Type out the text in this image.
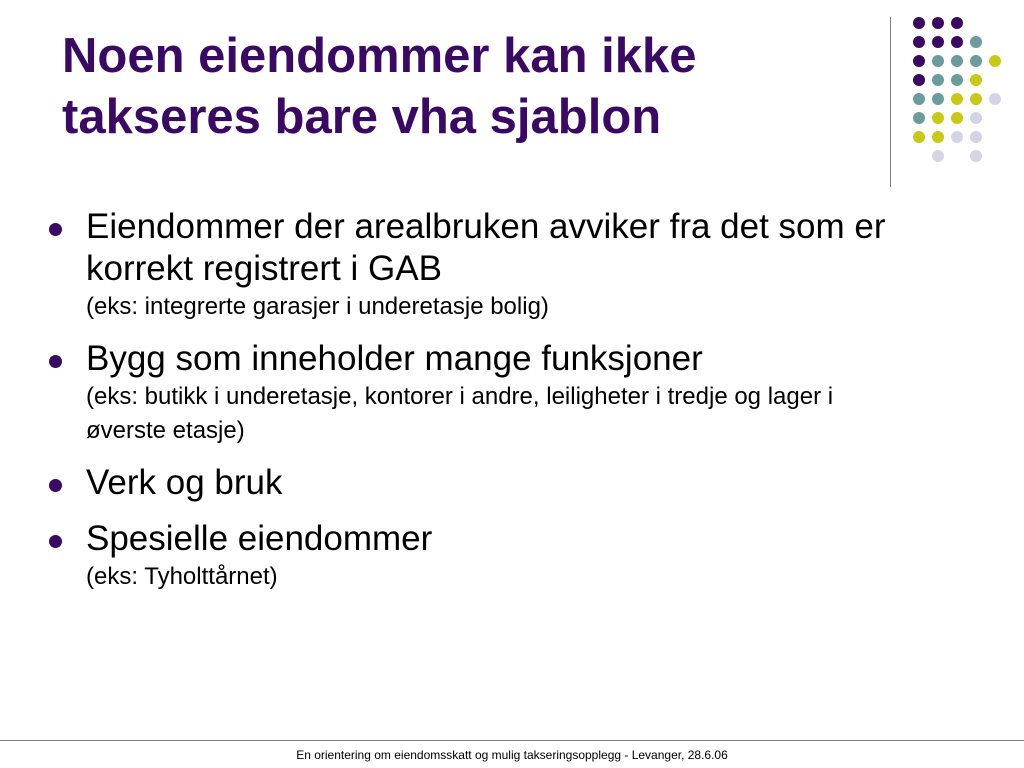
Noen eiendommer kan ikke
takseres bare vha sjablon
Eiendommer der arealbruken avviker fra det som er korrekt registrert i GAB
(eks: integrerte garasjer i underetasje bolig)
Bygg som inneholder mange funksjoner
(eks: butikk i underetasje, kontorer i andre, leiligheter i tredje og lager i øverste etasje)
Verk og bruk
Spesielle eiendommer
(eks: Tyholttårnet)
En orientering om eiendomsskatt og mulig takseringsopplegg - Levanger, 28.6.06
